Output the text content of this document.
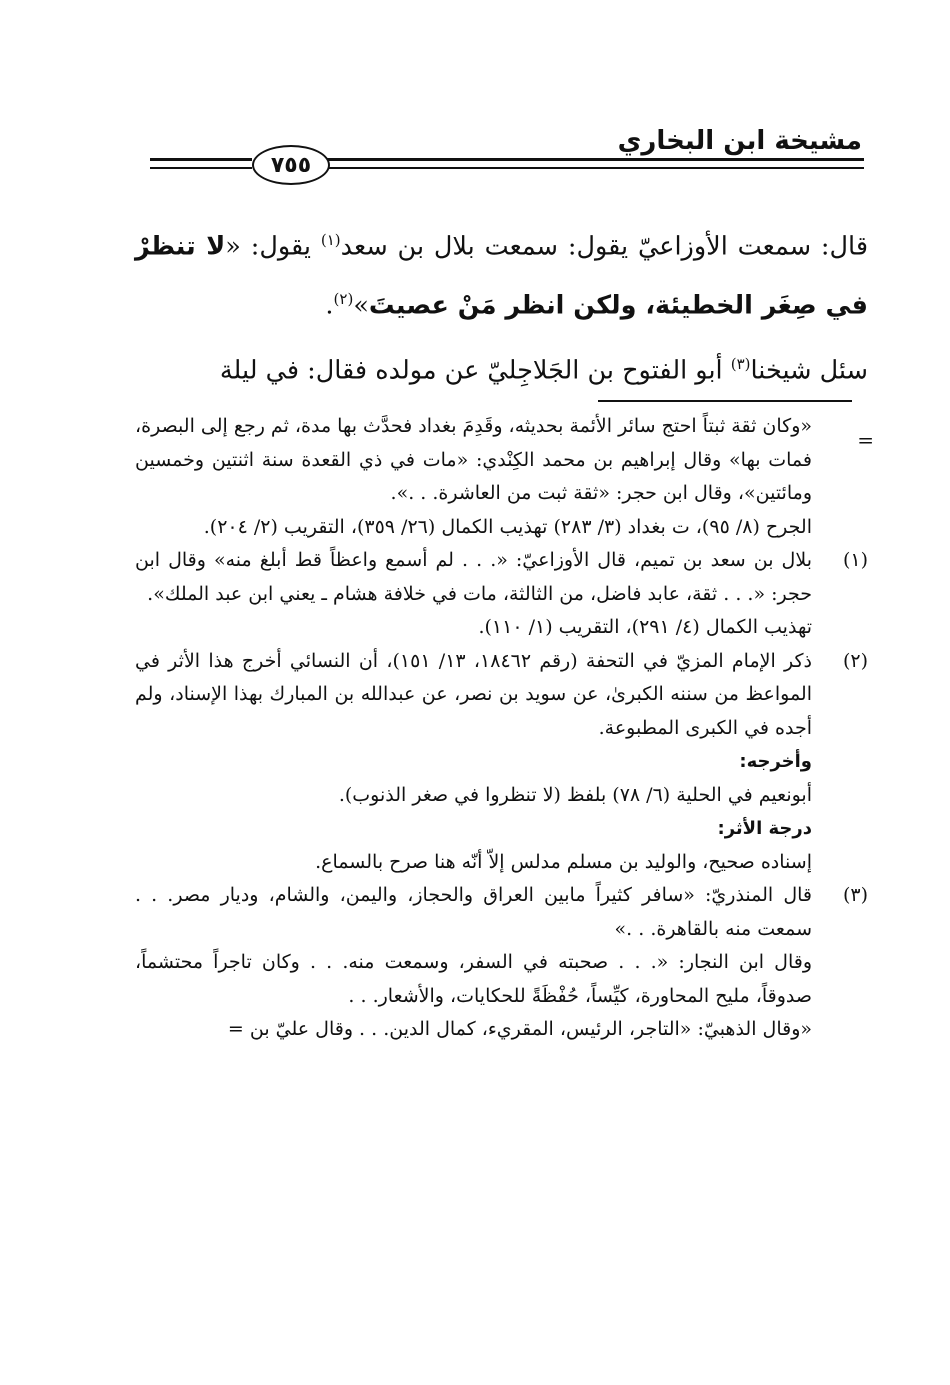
مشيخة ابن البخاري
٧٥٥
قال: سمعت الأوزاعيّ يقول: سمعت بلال بن سعد$^{(١)}$ يقول: «لا تنظرْ في صِغَر الخطيئة، ولكن انظر مَنْ عصيتَ»$^{(٢)}$.
سئل شيخنا$^{(٣)}$ أبو الفتوح بن الجَلاجِليّ عن مولده فقال: في ليلة
=

«وكان ثقة ثبتاً احتج سائر الأئمة بحديثه، وقَدِمَ بغداد فحدَّث بها مدة، ثم رجع إلى البصرة، فمات بها» وقال إبراهيم بن محمد الكِنْدي: «مات في ذي القعدة سنة اثنتين وخمسين ومائتين»، وقال ابن حجر: «ثقة ثبت من العاشرة. . .».

الجرح (٨/ ٩٥)، ت بغداد (٣/ ٢٨٣) تهذيب الكمال (٢٦/ ٣٥٩)، التقريب (٢/ ٢٠٤).

(١)

بلال بن سعد بن تميم، قال الأوزاعيّ: «. . . لم أسمع واعظاً قط أبلغ منه» وقال ابن حجر: «. . . ثقة، عابد فاضل، من الثالثة، مات في خلافة هشام ـ يعني ابن عبد الملك».

تهذيب الكمال (٤/ ٢٩١)، التقريب (١/ ١١٠).

(٢)

ذكر الإمام المزيّ في التحفة (رقم ١٨٤٦٢، ١٣/ ١٥١)، أن النسائي أخرج هذا الأثر في المواعظ من سننه الكبرىٰ، عن سويد بن نصر، عن عبدالله بن المبارك بهذا الإسناد، ولم أجده في الكبرى المطبوعة.

وأخرجه:

أبونعيم في الحلية (٦/ ٧٨) بلفظ (لا تنظروا في صغر الذنوب).

درجة الأثر:

إسناده صحيح، والوليد بن مسلم مدلس إلاّ أنّه هنا صرح بالسماع.

(٣)

قال المنذريّ: «سافر كثيراً مابين العراق والحجاز، واليمن، والشام، وديار مصر. . . سمعت منه بالقاهرة. . .»

وقال ابن النجار: «. . . صحبته في السفر، وسمعت منه. . . وكان تاجراً محتشماً، صدوقاً، مليح المحاورة، كيِّساً، حُفْظَةً للحكايات، والأشعار. . .

«وقال الذهبيّ: «التاجر، الرئيس، المقريء، كمال الدين. . . وقال عليّ بن =
